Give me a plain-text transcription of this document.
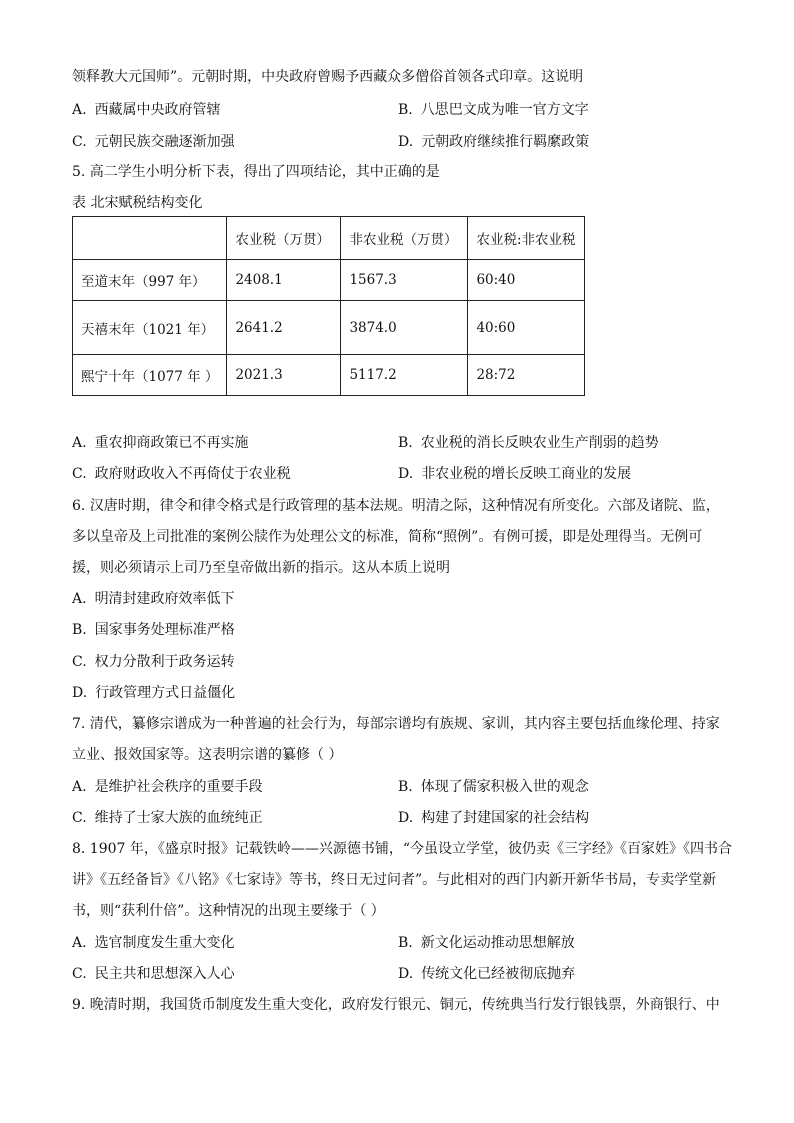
领释教大元国师”。元朝时期，中央政府曾赐予西藏众多僧俗首领各式印章。这说明
A. 西藏属中央政府管辖	B. 八思巴文成为唯一官方文字
C. 元朝民族交融逐渐加强	D. 元朝政府继续推行羁縻政策
5. 高二学生小明分析下表，得出了四项结论，其中正确的是
表 北宋赋税结构变化
	农业税（万贯）	非农业税（万贯）	农业税:非农业税
至道末年（997 年）	2408.1	1567.3	60:40
天禧末年（1021 年）	2641.2	3874.0	40:60
熙宁十年（1077 年 ）	2021.3	5117.2	28:72
A. 重农抑商政策已不再实施	B. 农业税的消长反映农业生产削弱的趋势
C. 政府财政收入不再倚仗于农业税	D. 非农业税的增长反映工商业的发展
6. 汉唐时期，律令和律令格式是行政管理的基本法规。明清之际，这种情况有所变化。六部及诸院、监，
多以皇帝及上司批准的案例公牍作为处理公文的标准，简称“照例”。有例可援，即是处理得当。无例可
援，则必须请示上司乃至皇帝做出新的指示。这从本质上说明
A. 明清封建政府效率低下
B. 国家事务处理标准严格
C. 权力分散利于政务运转
D. 行政管理方式日益僵化
7. 清代，纂修宗谱成为一种普遍的社会行为，每部宗谱均有族规、家训，其内容主要包括血缘伦理、持家
立业、报效国家等。这表明宗谱的纂修（ ）
A. 是维护社会秩序的重要手段	B. 体现了儒家积极入世的观念
C. 维持了士家大族的血统纯正	D. 构建了封建国家的社会结构
8. 1907 年，《盛京时报》记载铁岭——兴源德书铺，“今虽设立学堂，彼仍卖《三字经》《百家姓》《四书合
讲》《五经备旨》《八铭》《七家诗》等书，终日无过问者”。与此相对的西门内新开新华书局，专卖学堂新
书，则“获利什倍”。这种情况的出现主要缘于（ ）
A. 选官制度发生重大变化	B. 新文化运动推动思想解放
C. 民主共和思想深入人心	D. 传统文化已经被彻底抛弃
9. 晚清时期，我国货币制度发生重大变化，政府发行银元、铜元，传统典当行发行银钱票，外商银行、中
